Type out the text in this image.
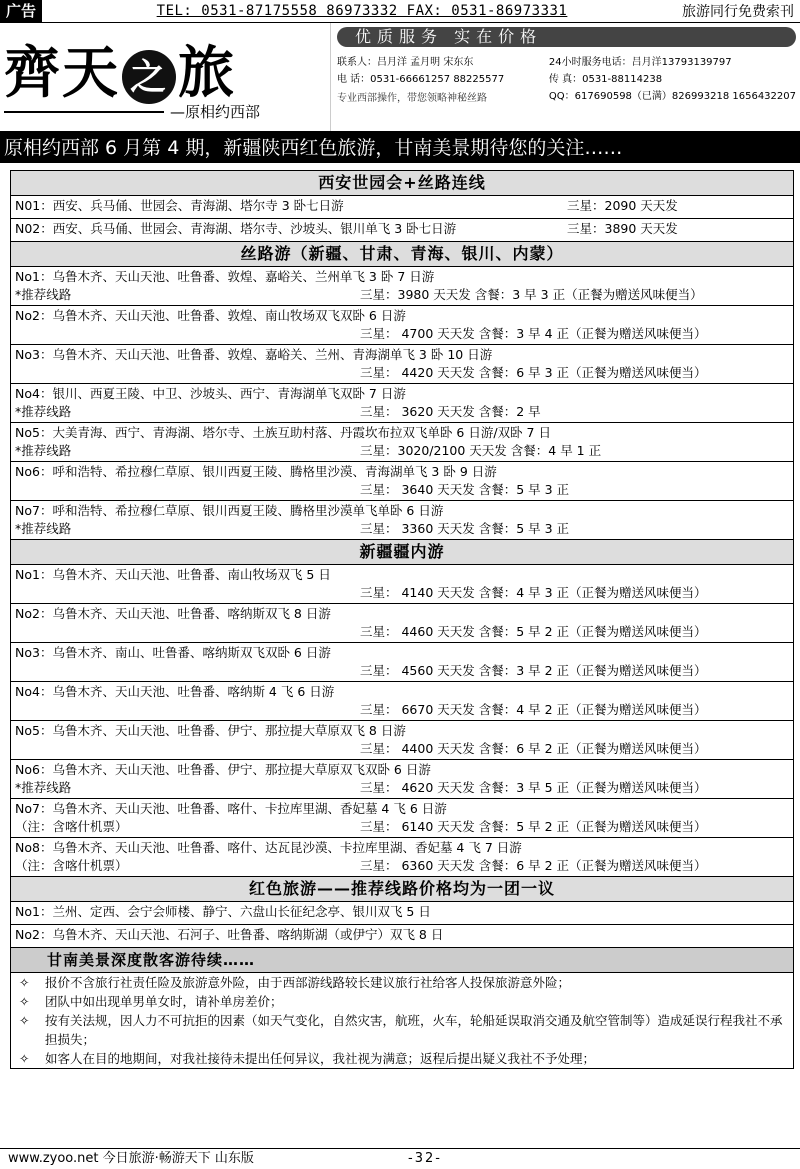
广告	TEL: 0531-87175558 86973332 FAX: 0531-86973331	旅游同行免费索刊
齊天 之 旅
—原相约西部
优质服务 实在价格
联系人：吕月洋 孟月明 宋东东	24小时服务电话：吕月洋13793139797
电 话：0531-66661257 88225577	传 真：0531-88114238
专业西部操作，带您领略神秘丝路	QQ：617690598（已满）826993218 1656432207
原相约西部 6 月第 4 期，新疆陕西红色旅游，甘南美景期待您的关注……
西安世园会+丝路连线
N01：西安、兵马俑、世园会、青海湖、塔尔寺 3 卧七日游	三星：2090 天天发
N02：西安、兵马俑、世园会、青海湖、塔尔寺、沙坡头、银川单飞 3 卧七日游	三星：3890 天天发
丝路游（新疆、甘肃、青海、银川、内蒙）
No1：乌鲁木齐、天山天池、吐鲁番、敦煌、嘉峪关、兰州单飞 3 卧 7 日游
*推荐线路	三星：3980 天天发 含餐：3 早 3 正（正餐为赠送风味便当）
No2：乌鲁木齐、天山天池、吐鲁番、敦煌、南山牧场双飞双卧 6 日游
三星： 4700 天天发 含餐：3 早 4 正（正餐为赠送风味便当）
No3：乌鲁木齐、天山天池、吐鲁番、敦煌、嘉峪关、兰州、青海湖单飞 3 卧 10 日游
三星： 4420 天天发 含餐：6 早 3 正（正餐为赠送风味便当）
No4：银川、西夏王陵、中卫、沙坡头、西宁、青海湖单飞双卧 7 日游
*推荐线路	三星： 3620 天天发 含餐：2 早
No5：大美青海、西宁、青海湖、塔尔寺、土族互助村落、丹霞坎布拉双飞单卧 6 日游/双卧 7 日
*推荐线路	三星：3020/2100 天天发 含餐：4 早 1 正
No6：呼和浩特、希拉穆仁草原、银川西夏王陵、腾格里沙漠、青海湖单飞 3 卧 9 日游
三星： 3640 天天发 含餐：5 早 3 正
No7：呼和浩特、希拉穆仁草原、银川西夏王陵、腾格里沙漠单飞单卧 6 日游
*推荐线路	三星： 3360 天天发 含餐：5 早 3 正
新疆疆内游
No1：乌鲁木齐、天山天池、吐鲁番、南山牧场双飞 5 日
三星： 4140 天天发 含餐：4 早 3 正（正餐为赠送风味便当）
No2：乌鲁木齐、天山天池、吐鲁番、喀纳斯双飞 8 日游
三星： 4460 天天发 含餐：5 早 2 正（正餐为赠送风味便当）
No3：乌鲁木齐、南山、吐鲁番、喀纳斯双飞双卧 6 日游
三星： 4560 天天发 含餐：3 早 2 正（正餐为赠送风味便当）
No4：乌鲁木齐、天山天池、吐鲁番、喀纳斯 4 飞 6 日游
三星： 6670 天天发 含餐：4 早 2 正（正餐为赠送风味便当）
No5：乌鲁木齐、天山天池、吐鲁番、伊宁、那拉提大草原双飞 8 日游
三星： 4400 天天发 含餐：6 早 2 正（正餐为赠送风味便当）
No6：乌鲁木齐、天山天池、吐鲁番、伊宁、那拉提大草原双飞双卧 6 日游
*推荐线路	三星： 4620 天天发 含餐：3 早 5 正（正餐为赠送风味便当）
No7：乌鲁木齐、天山天池、吐鲁番、喀什、卡拉库里湖、香妃墓 4 飞 6 日游
（注：含喀什机票）	三星： 6140 天天发 含餐：5 早 2 正（正餐为赠送风味便当）
No8：乌鲁木齐、天山天池、吐鲁番、喀什、达瓦昆沙漠、卡拉库里湖、香妃墓 4 飞 7 日游
（注：含喀什机票）	三星： 6360 天天发 含餐：6 早 2 正（正餐为赠送风味便当）
红色旅游——推荐线路价格均为一团一议
No1：兰州、定西、会宁会师楼、静宁、六盘山长征纪念亭、银川双飞 5 日
No2：乌鲁木齐、天山天池、石河子、吐鲁番、喀纳斯湖（或伊宁）双飞 8 日
甘南美景深度散客游待续……
✧	报价不含旅行社责任险及旅游意外险，由于西部游线路较长建议旅行社给客人投保旅游意外险；
✧	团队中如出现单男单女时，请补单房差价；
✧	按有关法规，因人力不可抗拒的因素（如天气变化，自然灾害，航班，火车，轮船延误取消交通及航空管制等）造成延误行程我社不承担损失；
✧	如客人在目的地期间，对我社接待未提出任何异议，我社视为满意；返程后提出疑义我社不予处理；
www.zyoo.net 今日旅游·畅游天下 山东版	-32-
